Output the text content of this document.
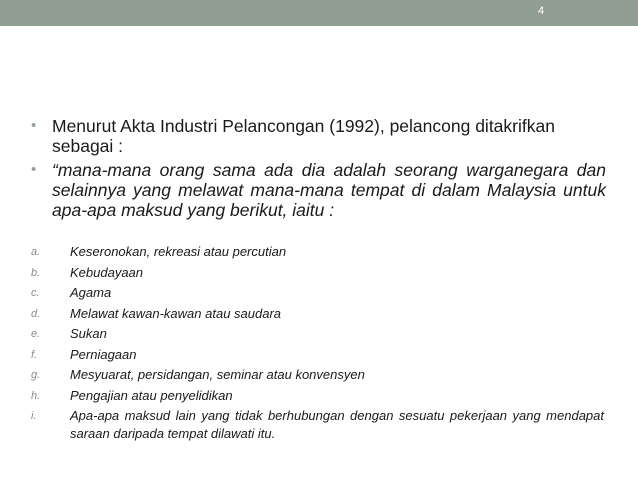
4
• Menurut Akta Industri Pelancongan (1992), pelancong ditakrifkan sebagai :
• “mana-mana orang sama ada dia adalah seorang warganegara dan selainnya yang melawat mana-mana tempat di dalam Malaysia untuk apa-apa maksud yang berikut, iaitu :
a. Keseronokan, rekreasi atau percutian
b. Kebudayaan
c. Agama
d. Melawat kawan-kawan atau saudara
e. Sukan
f.	Perniagaan
g. Mesyuarat, persidangan, seminar atau konvensyen
h. Pengajian atau penyelidikan
i.	Apa-apa maksud lain yang tidak berhubungan dengan sesuatu pekerjaan yang mendapat saraan daripada tempat dilawati itu.
